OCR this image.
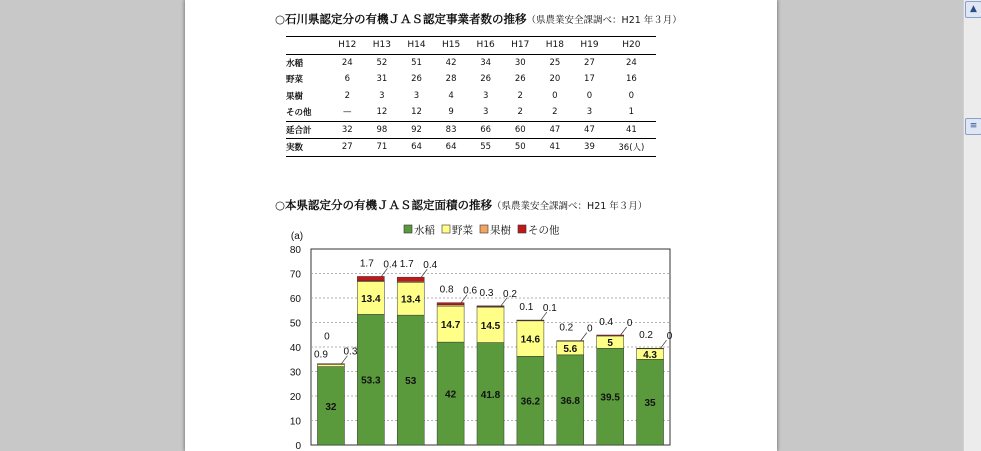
○石川県認定分の有機ＪＡＳ認定事業者数の推移（県農業安全課調べ：H21 年３月）
	H12	H13	H14	H15	H16	H17	H18	H19	H20
水稲	24	52	51	42	34	30	25	27	24
野菜	6	31	26	28	26	26	20	17	16
果樹	2	3	3	4	3	2	0	0	0
その他	—	12	12	9	3	2	2	3	1
延合計	32	98	92	83	66	60	47	47	41
実数	27	71	64	64	55	50	41	39	36(人)
○本県認定分の有機ＪＡＳ認定面積の推移（県農業安全課調べ：H21 年３月）
0
10
20
30
40
50
60
70
80
(a)	水稲 野菜 果樹 その他
32
0.9 0.3
0
53.3
13.4
0.4
1.7
53
13.4
0.4
1.7
42
14.7
0.6
0.8
41.8
14.5
0.2
0.3
36.2
14.6
0.1
0.1
36.8
5.6
0
0.2
39.5
5
0
0.4
35
4.3
0
0.2
▲
≡
